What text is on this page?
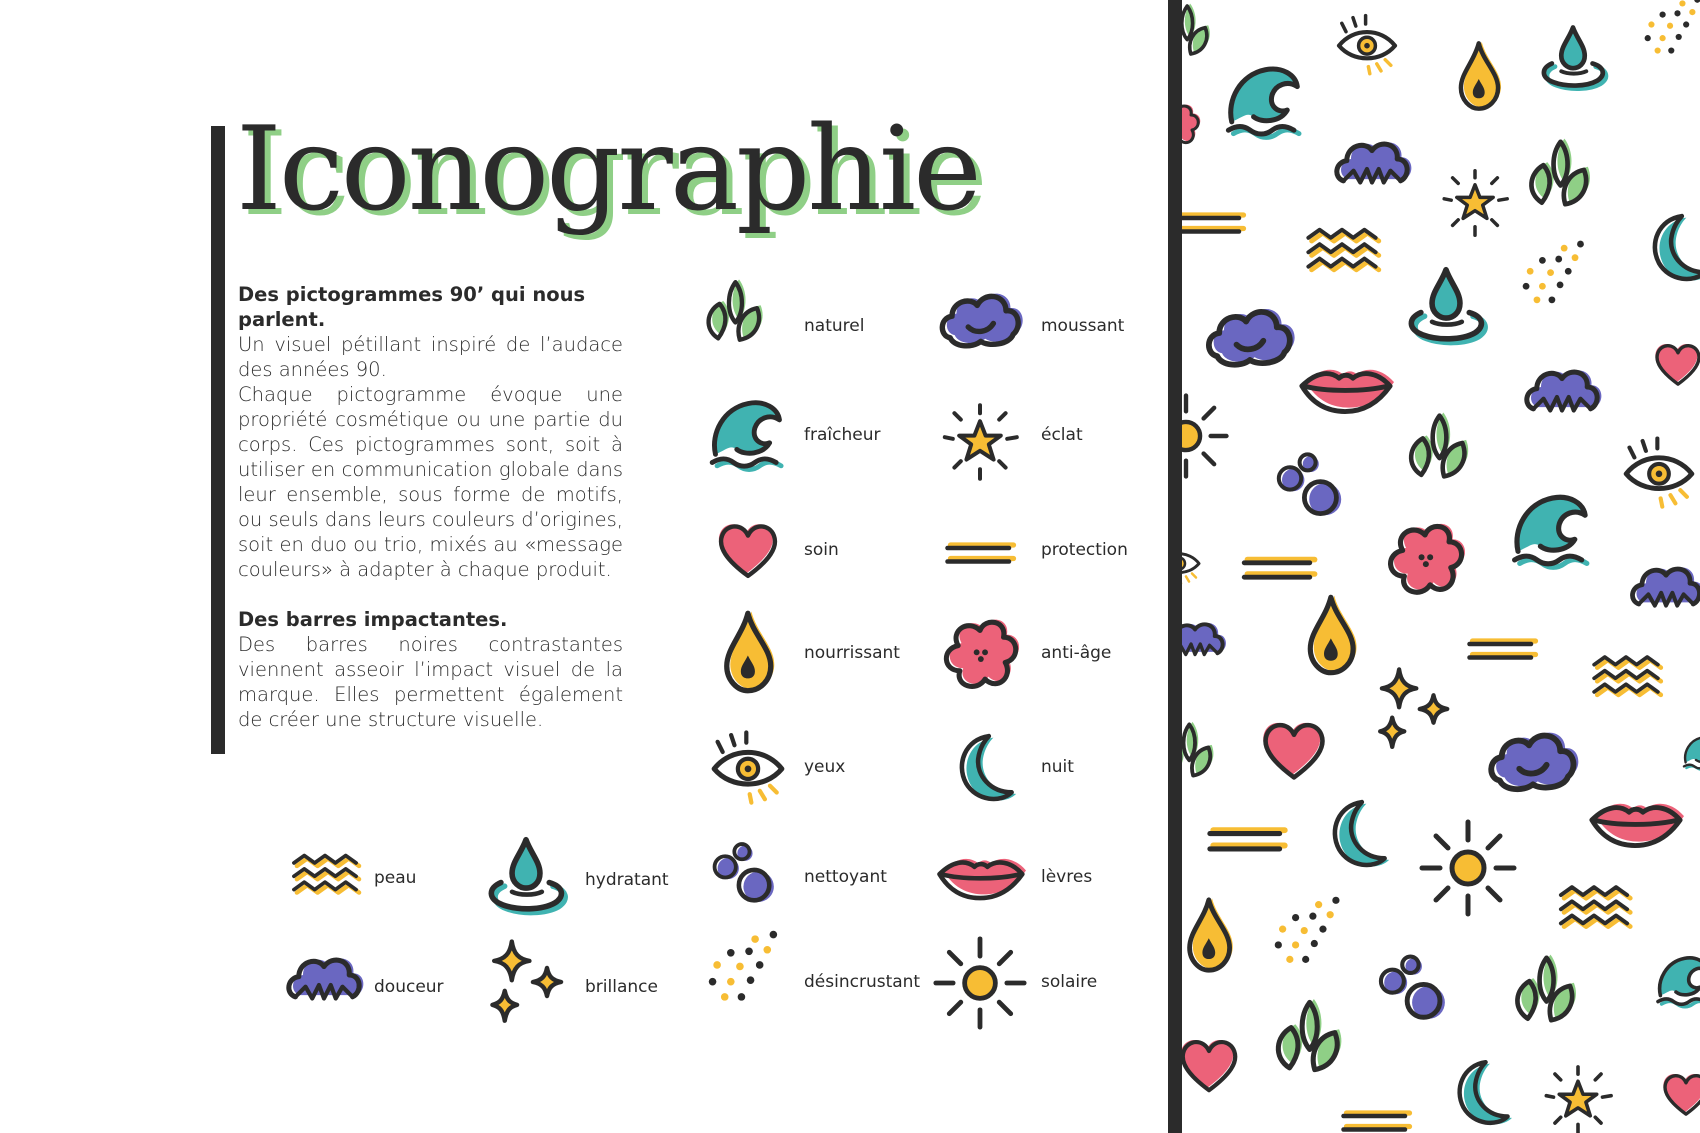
Iconographie
Des pictogrammes 90’ qui nous parlent.

Un visuel pétillant inspiré de l’audace des années 90.

Chaque pictogramme évoque une propriété cosmétique ou une partie du corps. Ces pictogrammes sont, soit à utiliser en communication globale dans leur ensemble, sous forme de motifs, ou seuls dans leurs couleurs d’origines, soit en duo ou trio, mixés au «message couleurs» à adapter à chaque produit.

Des barres impactantes.

Des barres noires contrastantes viennent asseoir l’impact visuel de la marque. Elles permettent également de créer une structure visuelle.

naturel	moussant
fraîcheur	éclat
soin	protection
nourrissant	anti-âge
yeux	nuit
nettoyant	lèvres
peau	hydratant
désincrustant	solaire
douceur	brillance
